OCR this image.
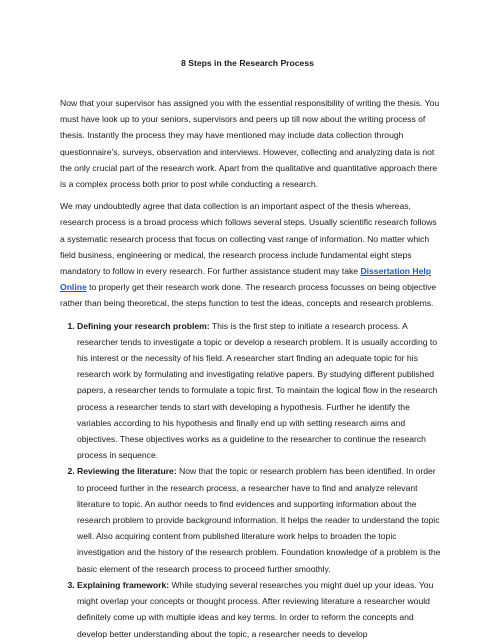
8 Steps in the Research Process

Now that your supervisor has assigned you with the essential responsibility of writing the thesis. You must have look up to your seniors, supervisors and peers up till now about the writing process of thesis. Instantly the process they may have mentioned may include data collection through questionnaire’s, surveys, observation and interviews. However, collecting and analyzing data is not the only crucial part of the research work. Apart from the qualitative and quantitative approach there is a complex process both prior to post while conducting a research.

We may undoubtedly agree that data collection is an important aspect of the thesis whereas, research process is a broad process which follows several steps. Usually scientific research follows a systematic research process that focus on collecting vast range of information. No matter which field business, engineering or medical, the research process include fundamental eight steps mandatory to follow in every research. For further assistance student may take Dissertation Help Online to properly get their research work done. The research process focusses on being objective rather than being theoretical, the steps function to test the ideas, concepts and research problems.

1. Defining your research problem: This is the first step to initiate a research process. A researcher tends to investigate a topic or develop a research problem. It is usually according to his interest or the necessity of his field. A researcher start finding an adequate topic for his research work by formulating and investigating relative papers. By studying different published papers, a researcher tends to formulate a topic first. To maintain the logical flow in the research process a researcher tends to start with developing a hypothesis. Further he identify the variables according to his hypothesis and finally end up with setting research aims and objectives. These objectives works as a guideline to the researcher to continue the research process in sequence.
2. Reviewing the literature: Now that the topic or research problem has been identified. In order to proceed further in the research process, a researcher have to find and analyze relevant literature to topic. An author needs to find evidences and supporting information about the research problem to provide background information. It helps the reader to understand the topic well. Also acquiring content from published literature work helps to broaden the topic investigation and the history of the research problem. Foundation knowledge of a problem is the basic element of the research process to proceed further smoothly.
3. Explaining framework: While studying several researches you might duel up your ideas. You might overlap your concepts or thought process. After reviewing literature a researcher would definitely come up with multiple ideas and key terms. In order to reform the concepts and develop better understanding about the topic, a researcher needs to develop
